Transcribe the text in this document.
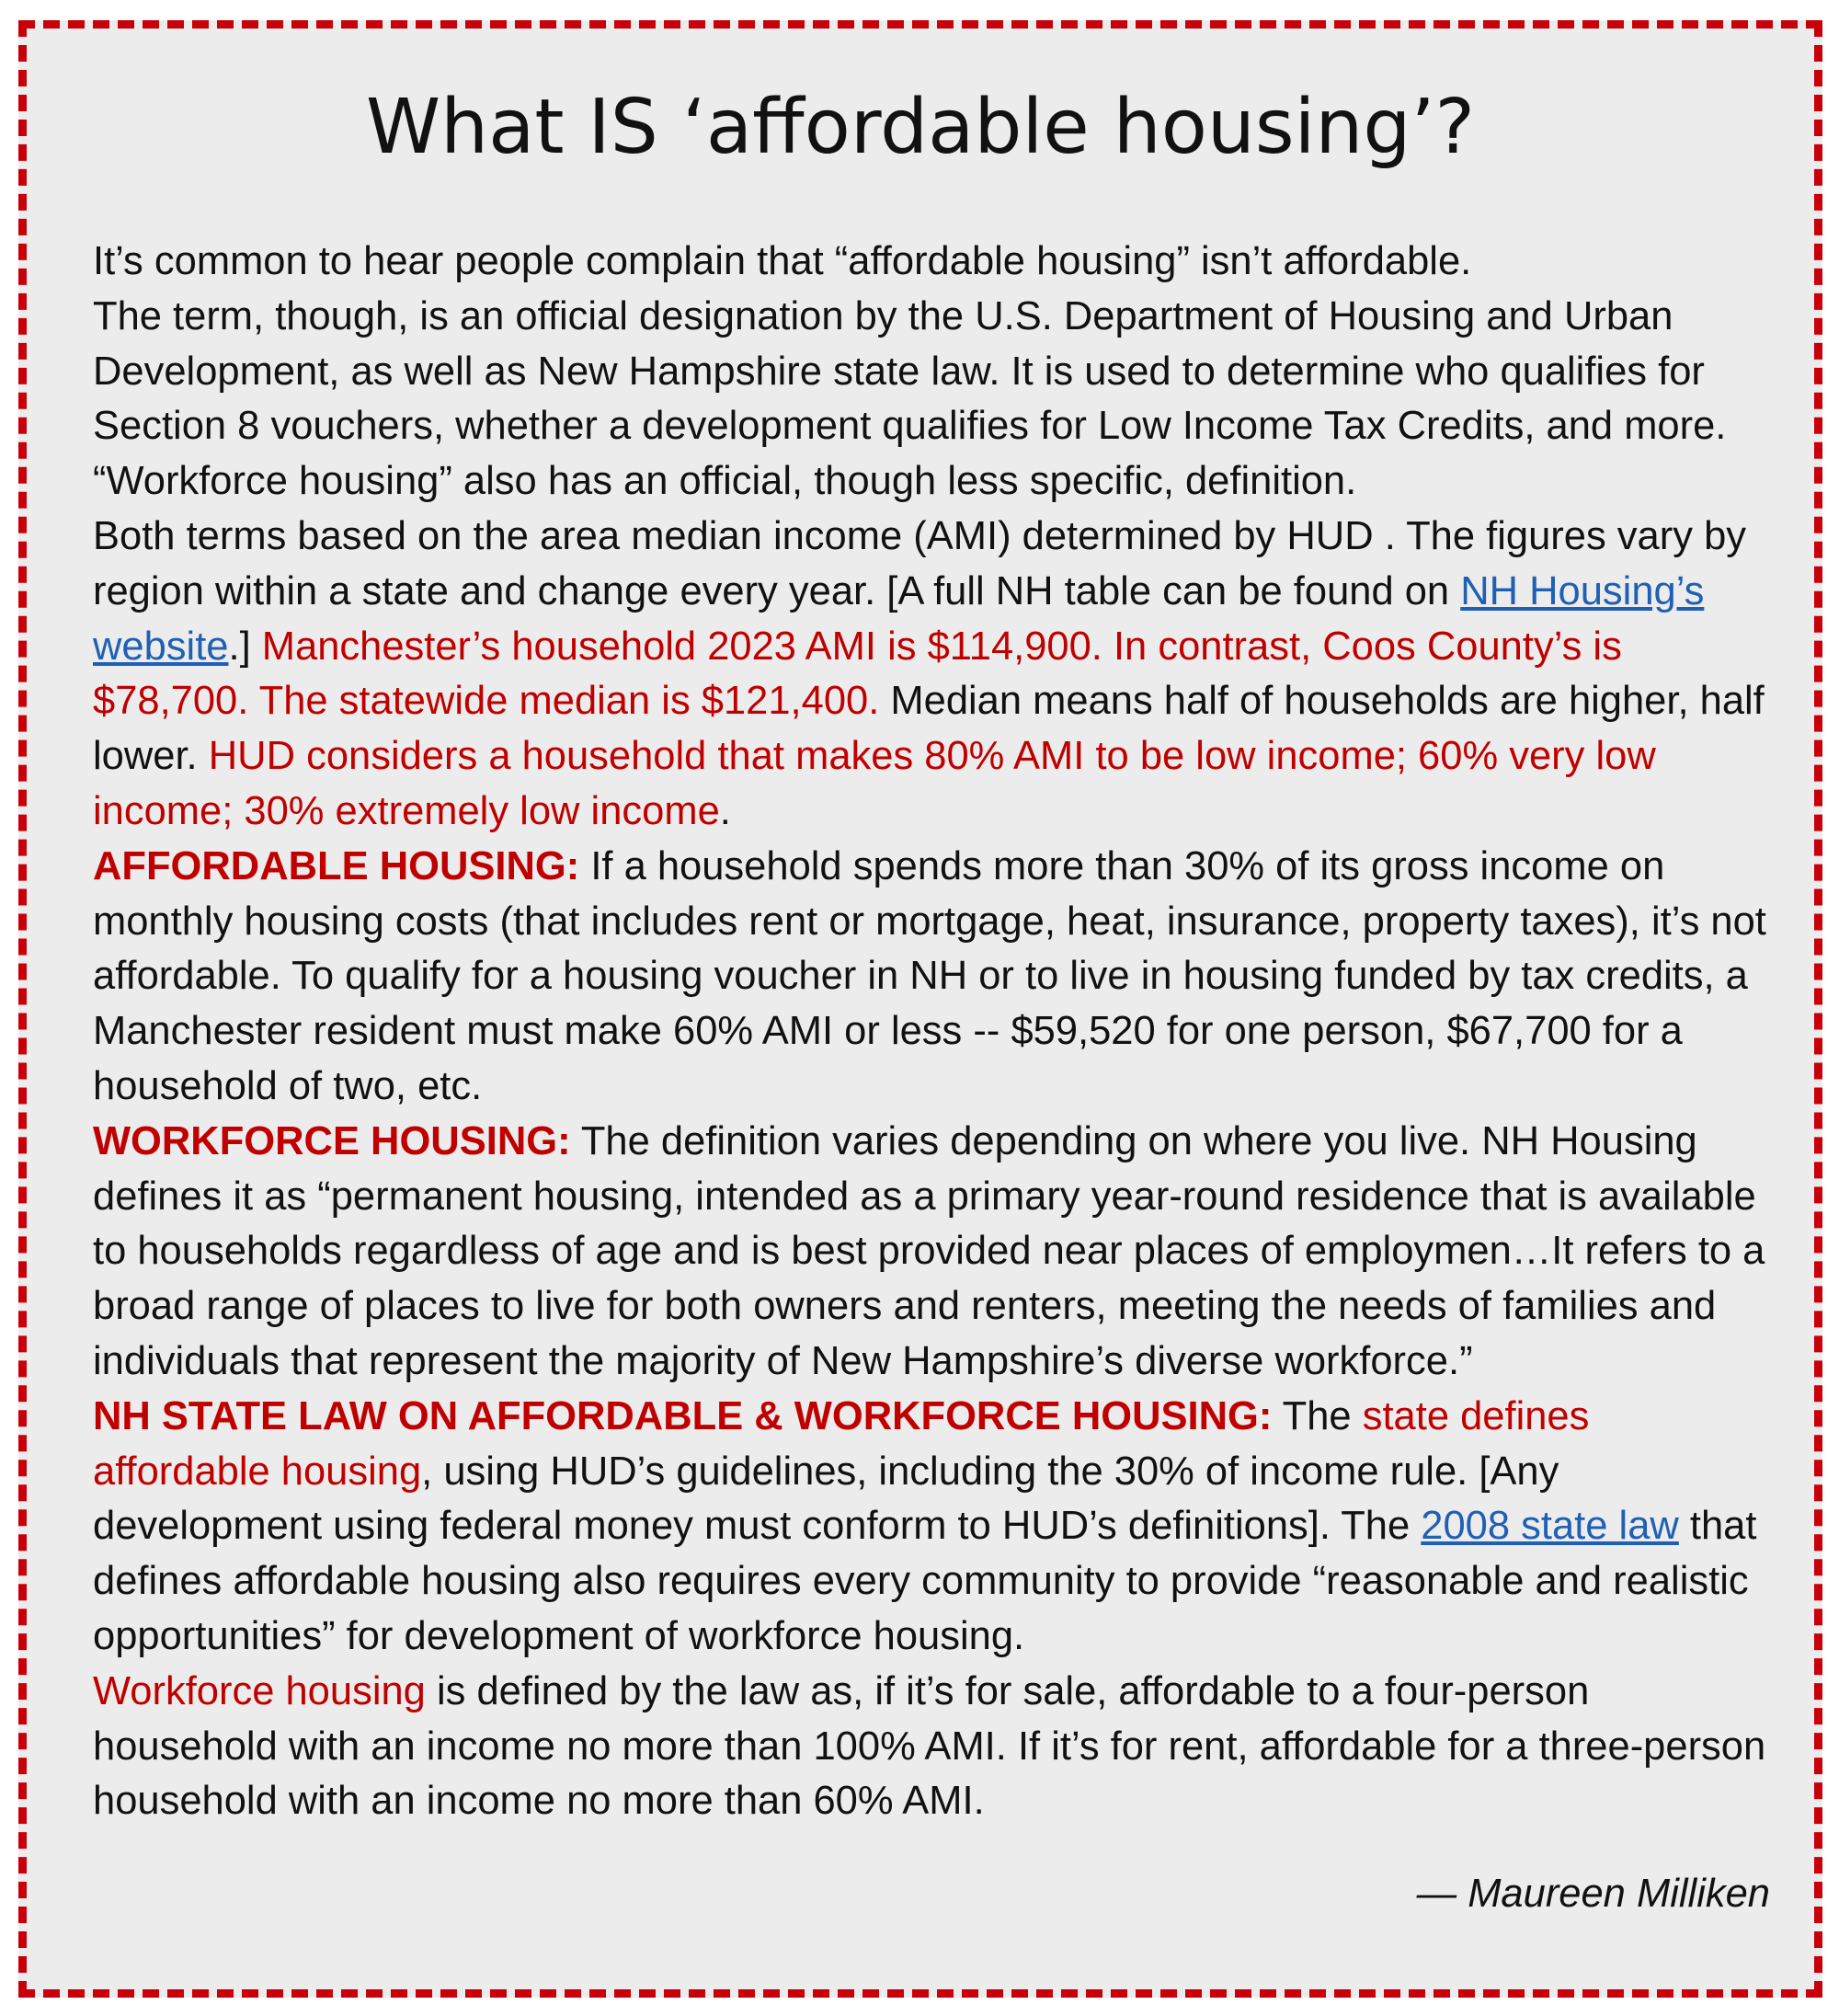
What IS ‘affordable housing’?

It’s common to hear people complain that “affordable housing” isn’t affordable.

The term, though, is an official designation by the U.S. Department of Housing and Urban Development, as well as New Hampshire state law. It is used to determine who qualifies for Section 8 vouchers, whether a development qualifies for Low Income Tax Credits, and more. “Workforce housing” also has an official, though less specific, definition.

Both terms based on the area median income (AMI) determined by HUD . The figures vary by region within a state and change every year. [A full NH table can be found on NH Housing’s website.] Manchester’s household 2023 AMI is $114,900. In contrast, Coos County’s is $78,700. The statewide median is $121,400. Median means half of households are higher, half lower. HUD considers a household that makes 80% AMI to be low income; 60% very low income; 30% extremely low income.

AFFORDABLE HOUSING: If a household spends more than 30% of its gross income on monthly housing costs (that includes rent or mortgage, heat, insurance, property taxes), it’s not affordable. To qualify for a housing voucher in NH or to live in housing funded by tax credits, a Manchester resident must make 60% AMI or less -- $59,520 for one person, $67,700 for a household of two, etc.

WORKFORCE HOUSING: The definition varies depending on where you live. NH Housing defines it as “permanent housing, intended as a primary year-round residence that is available to households regardless of age and is best provided near places of employmen…It refers to a broad range of places to live for both owners and renters, meeting the needs of families and individuals that represent the majority of New Hampshire’s diverse workforce.”

NH STATE LAW ON AFFORDABLE & WORKFORCE HOUSING: The state defines affordable housing, using HUD’s guidelines, including the 30% of income rule. [Any development using federal money must conform to HUD’s definitions]. The 2008 state law that defines affordable housing also requires every community to provide “reasonable and realistic opportunities” for development of workforce housing.

Workforce housing is defined by the law as, if it’s for sale, affordable to a four-person household with an income no more than 100% AMI. If it’s for rent, affordable for a three-person household with an income no more than 60% AMI.

— Maureen Milliken
